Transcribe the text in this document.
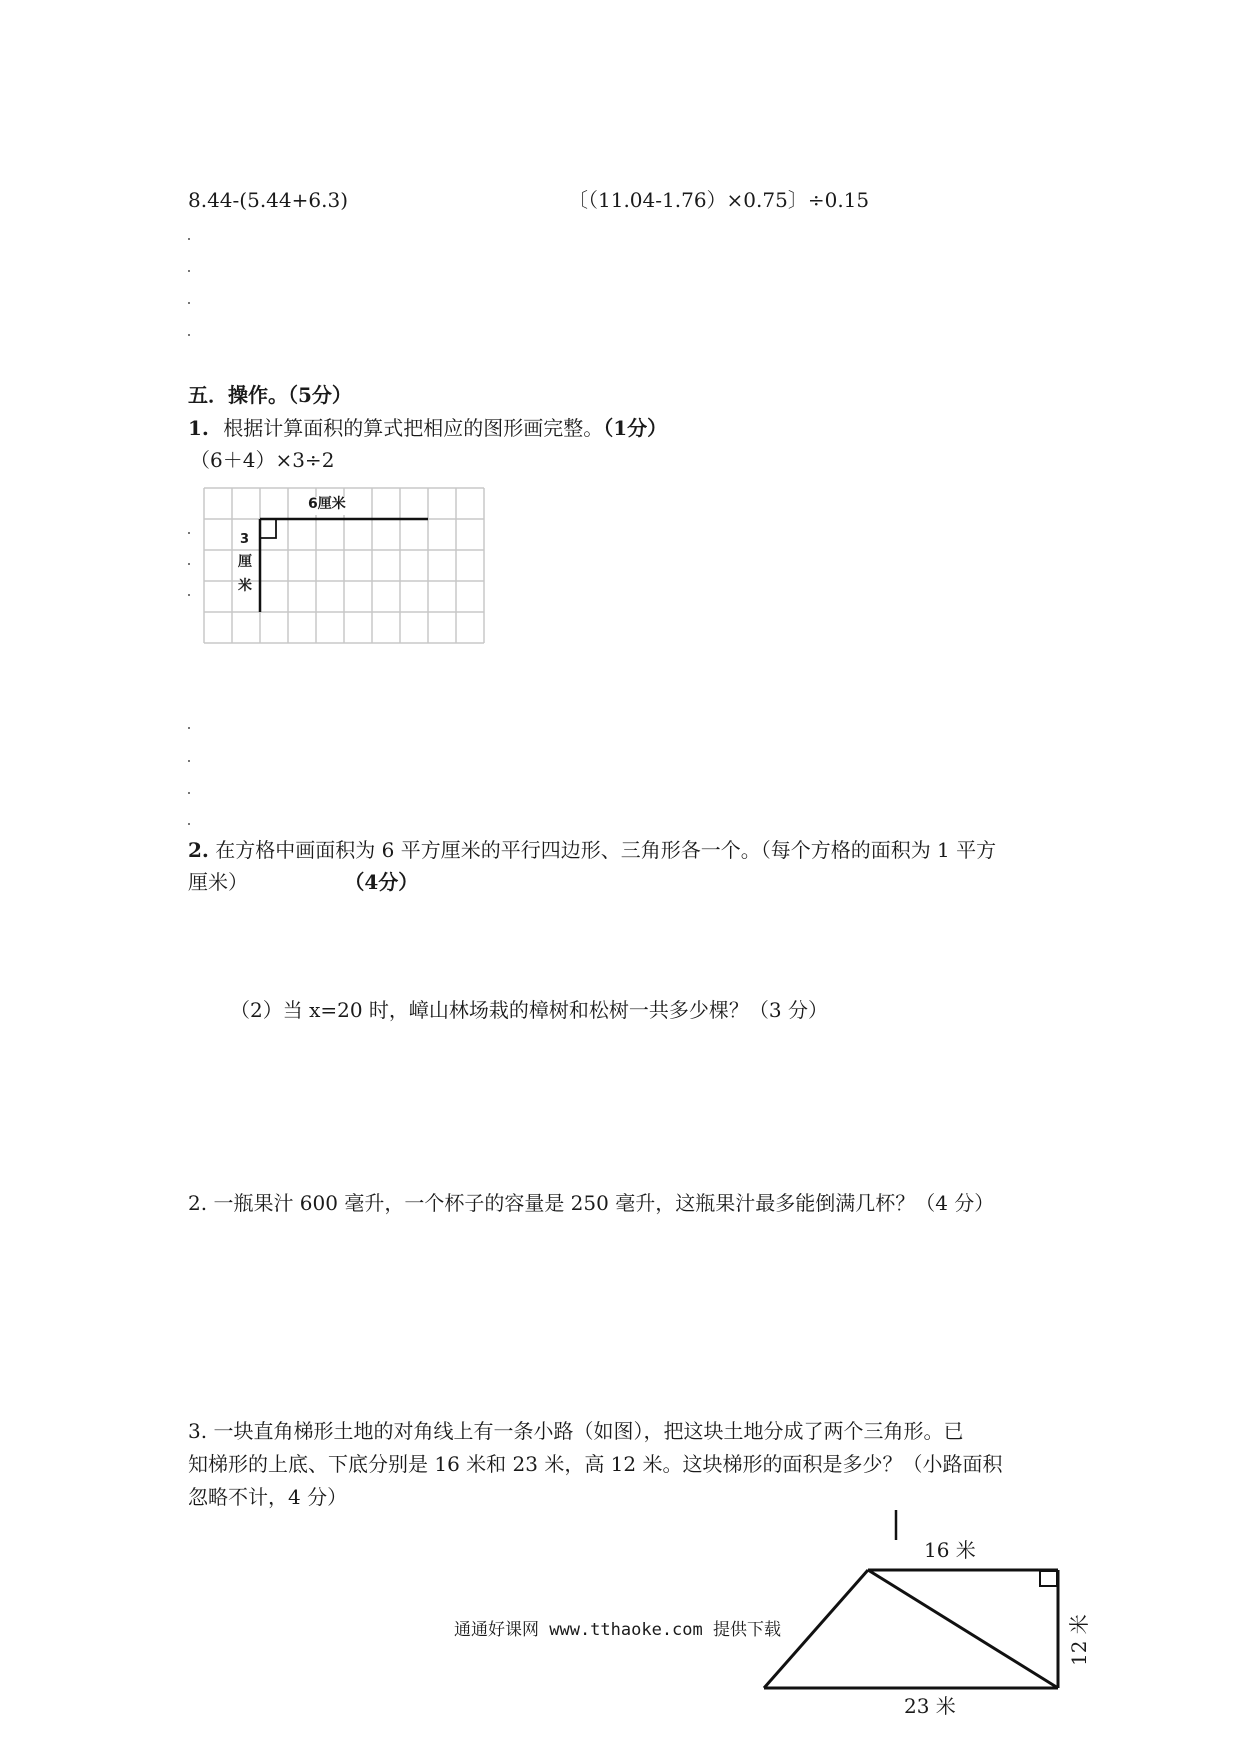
8.44-(5.44+6.3)	〔（11.04-1.76）×0.75〕÷0.15
五．操作。（5分）
1. 根据计算面积的算式把相应的图形画完整。（1分）
（6＋4）×3÷2
6厘米
3
厘
米
2. 在方格中画面积为 6 平方厘米的平行四边形、三角形各一个。（每个方格的面积为 1 平方
厘米）	（4分）
（2）当 x=20 时，嶂山林场栽的樟树和松树一共多少棵？（3 分）
2. 一瓶果汁 600 毫升，一个杯子的容量是 250 毫升，这瓶果汁最多能倒满几杯？（4 分）
3. 一块直角梯形土地的对角线上有一条小路（如图），把这块土地分成了两个三角形。已
知梯形的上底、下底分别是 16 米和 23 米，高 12 米。这块梯形的面积是多少？（小路面积
忽略不计，4 分）
16 米
23 米
12 米
通通好课网 www.tthaoke.com 提供下载
